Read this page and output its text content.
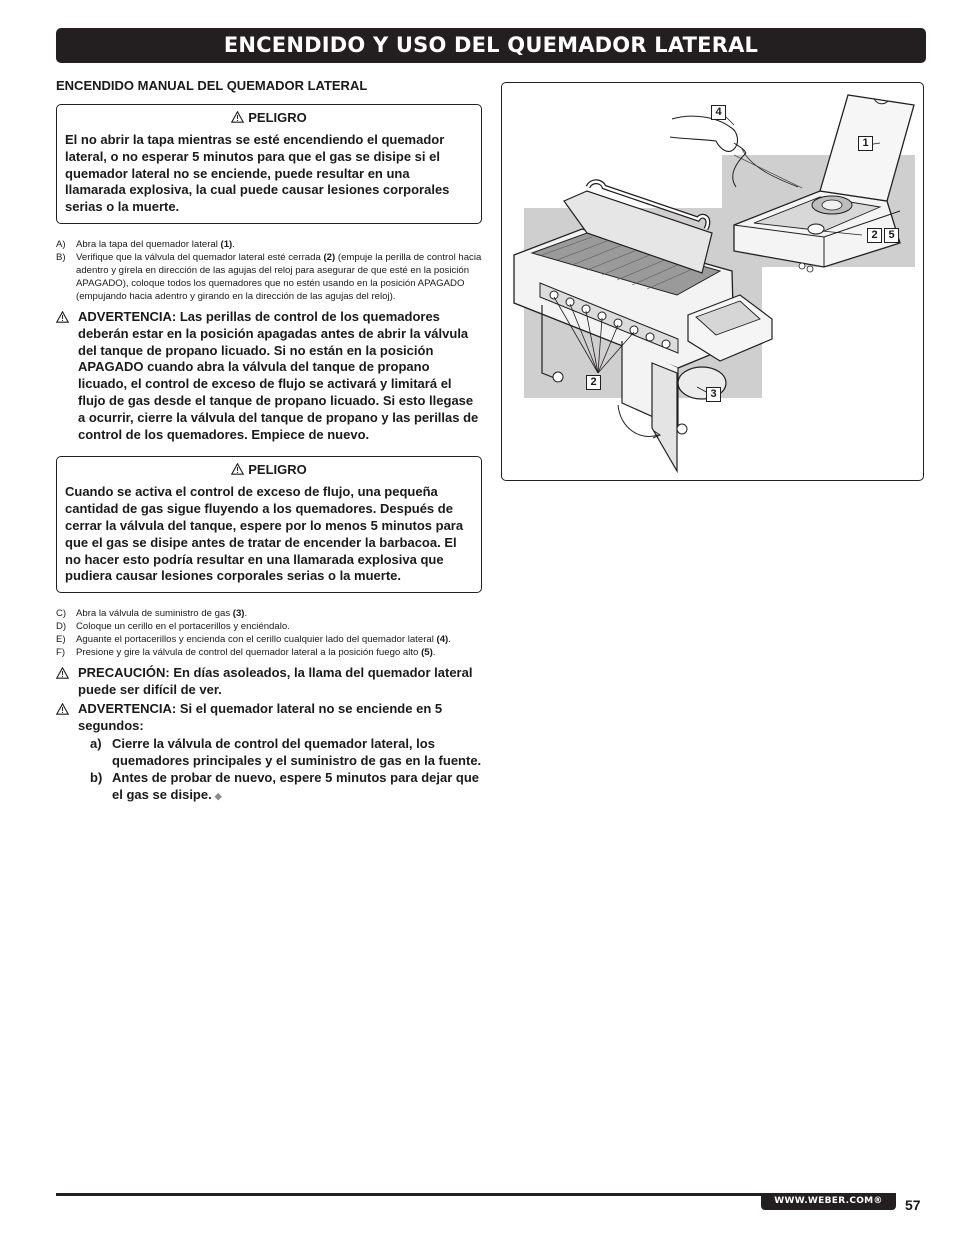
ENCENDIDO Y USO DEL QUEMADOR LATERAL
ENCENDIDO MANUAL DEL QUEMADOR LATERAL
PELIGRO
El no abrir la tapa mientras se esté encendiendo el quemador lateral, o no esperar 5 minutos para que el gas se disipe si el quemador lateral no se enciende, puede resultar en una llamarada explosiva, la cual puede causar lesiones corporales serias o la muerte.
A)	Abra la tapa del quemador lateral (1).
B)	Verifique que la válvula del quemador lateral esté cerrada (2) (empuje la perilla de control hacia adentro y gírela en dirección de las agujas del reloj para asegurar de que esté en la posición APAGADO), coloque todos los quemadores que no estén usando en la posición APAGADO (empujando hacia adentro y girando en la dirección de las agujas del reloj).
ADVERTENCIA: Las perillas de control de los quemadores deberán estar en la posición apagadas antes de abrir la válvula del tanque de propano licuado. Si no están en la posición APAGADO cuando abra la válvula del tanque de propano licuado, el control de exceso de flujo se activará y limitará el flujo de gas desde el tanque de propano licuado. Si esto llegase a ocurrir, cierre la válvula del tanque de propano y las perillas de control de los quemadores. Empiece de nuevo.
PELIGRO
Cuando se activa el control de exceso de flujo, una pequeña cantidad de gas sigue fluyendo a los quemadores. Después de cerrar la válvula del tanque, espere por lo menos 5 minutos para que el gas se disipe antes de tratar de encender la barbacoa. El no hacer esto podría resultar en una llamarada explosiva que pudiera causar lesiones corporales serias o la muerte.
C)	Abra la válvula de suministro de gas (3).
D)	Coloque un cerillo en el portacerillos y enciéndalo.
E)	Aguante el portacerillos y encienda con el cerillo cualquier lado del quemador lateral (4).
F)	Presione y gire la válvula de control del quemador lateral a la posición fuego alto (5).
PRECAUCIÓN: En días asoleados, la llama del quemador lateral puede ser difícil de ver.
ADVERTENCIA: Si el quemador lateral no se enciende en 5 segundos:
a) Cierre la válvula de control del quemador lateral, los quemadores principales y el suministro de gas en la fuente.
b) Antes de probar de nuevo, espere 5 minutos para dejar que el gas se disipe. ◆
4
1
2 5
2
3
WWW.WEBER.COM®	57
